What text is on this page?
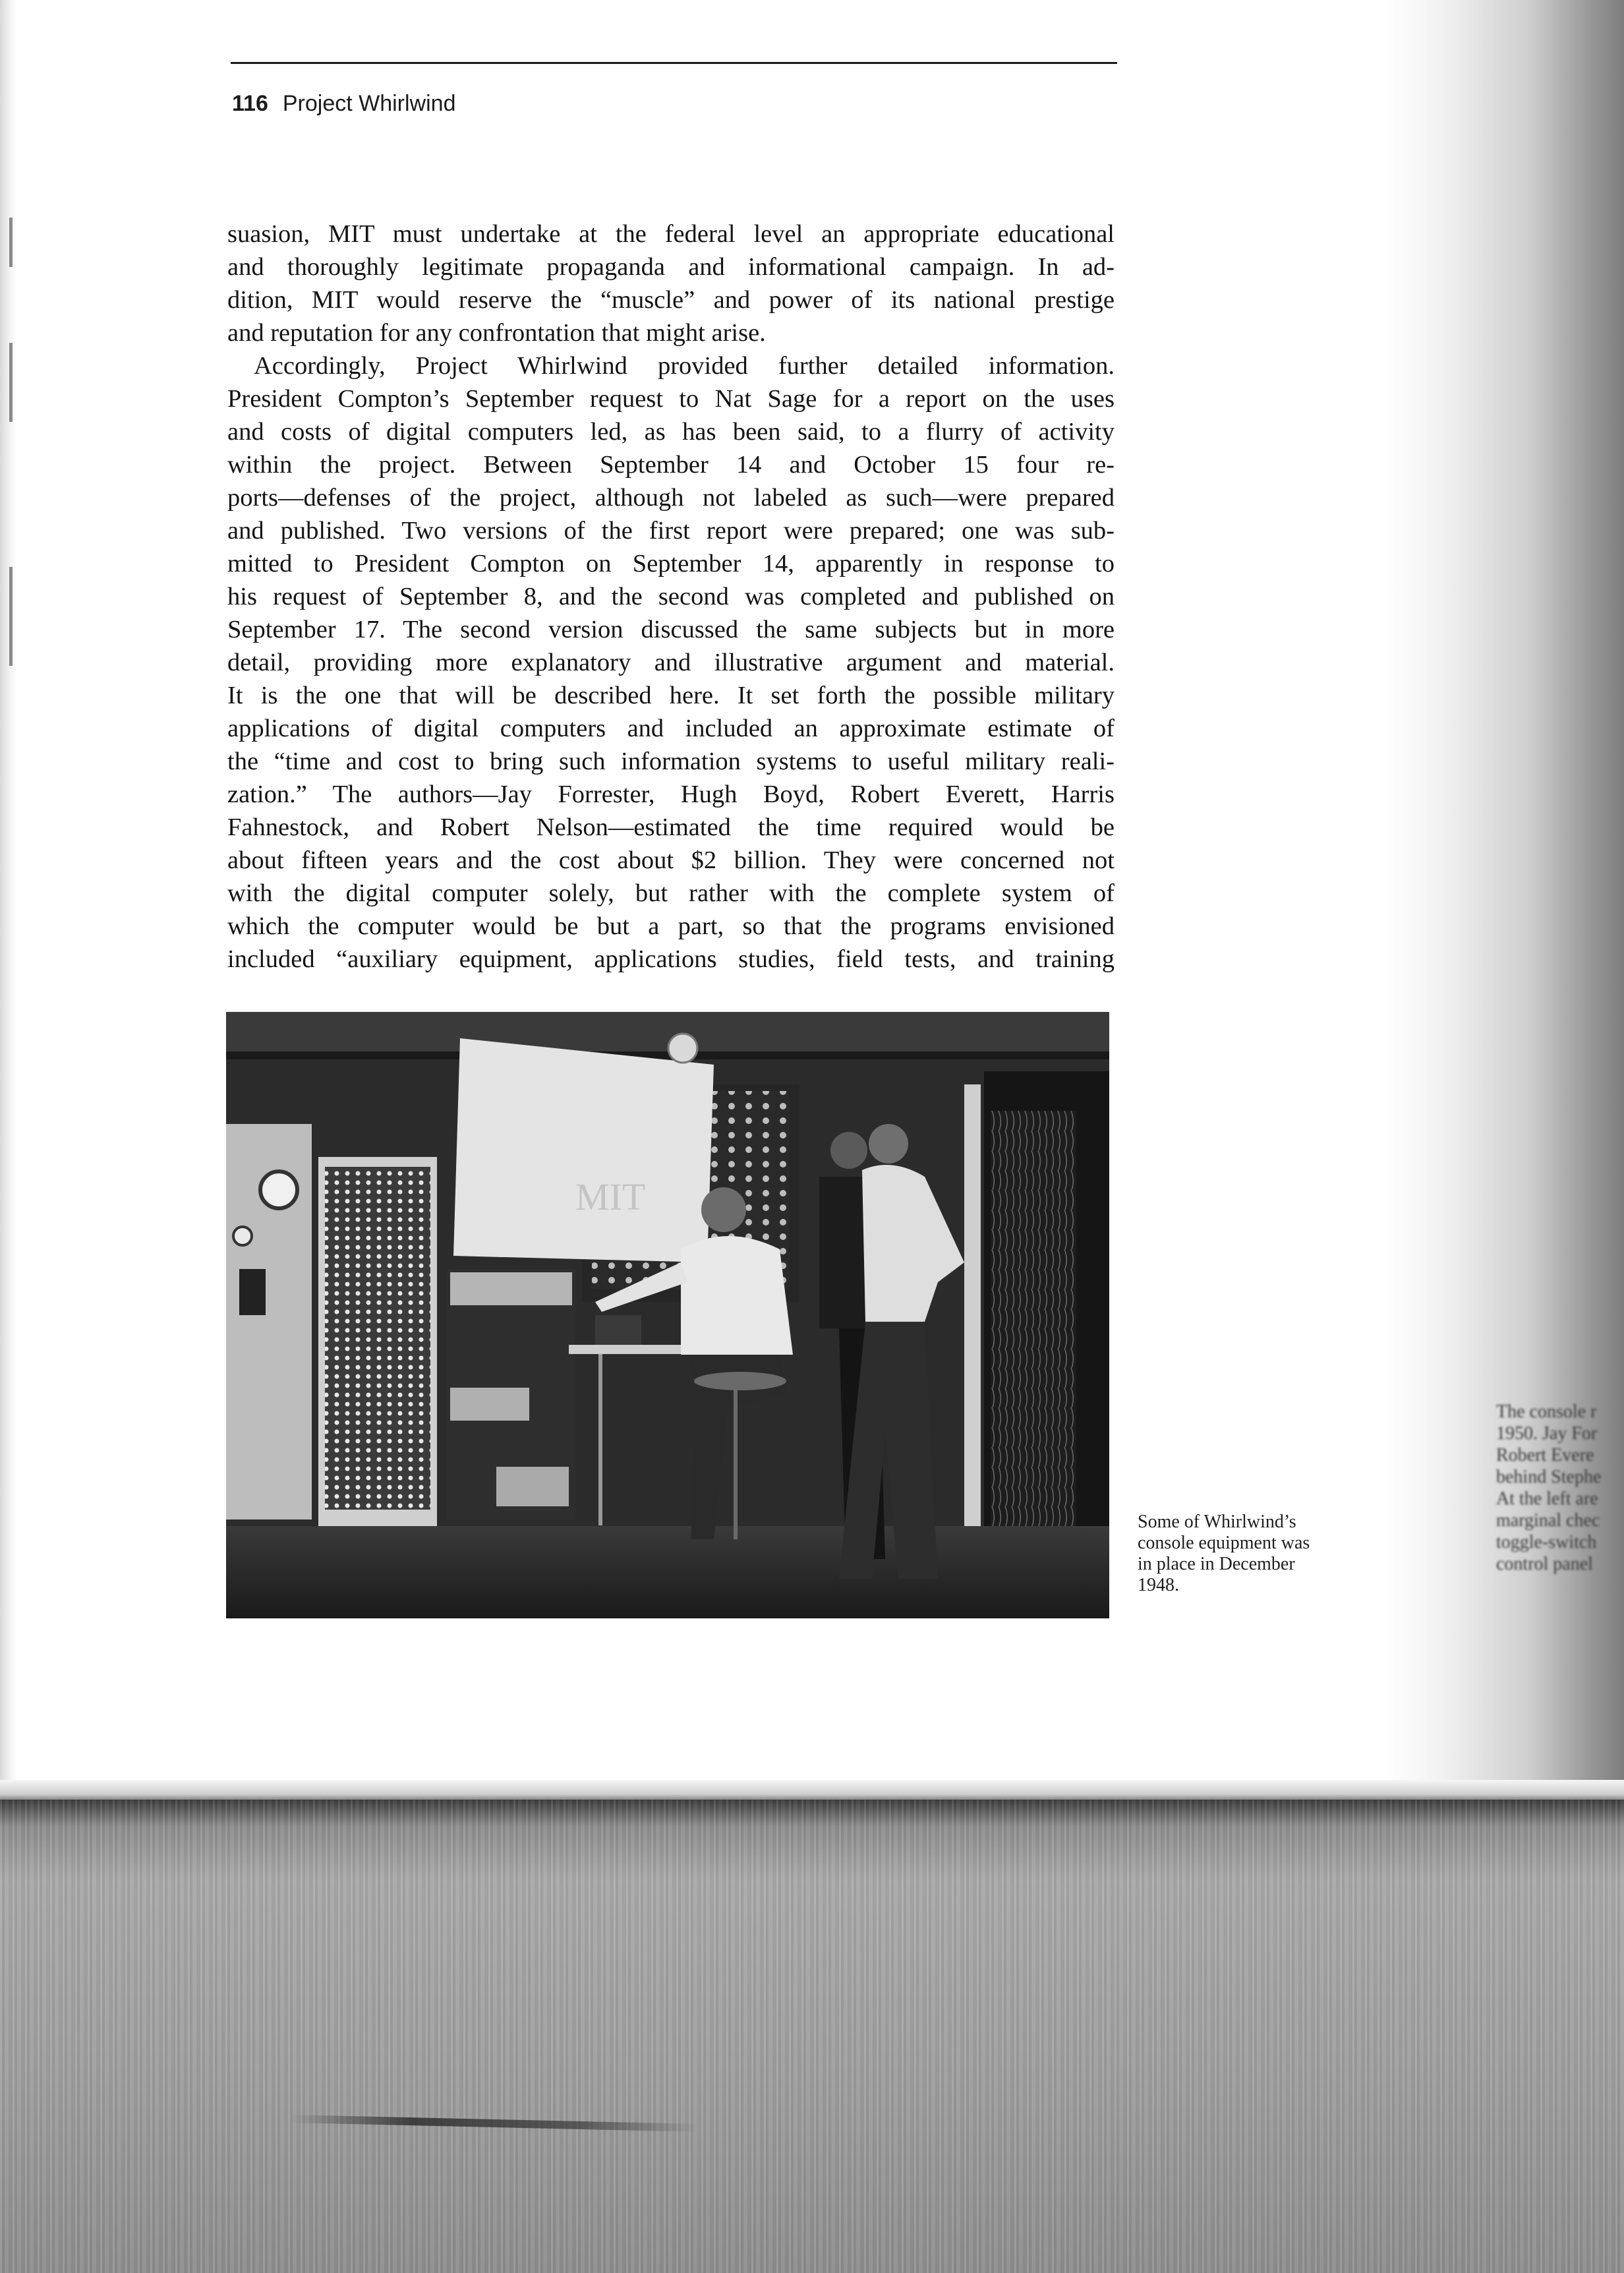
The console r
1950. Jay For
Robert Evere
behind Stephe
At the left are
marginal chec
toggle-switch
control panel
116 Project Whirlwind
suasion, MIT must undertake at the federal level an appropriate educational
and thoroughly legitimate propaganda and informational campaign. In ad-
dition, MIT would reserve the “muscle” and power of its national prestige
and reputation for any confrontation that might arise.
Accordingly, Project Whirlwind provided further detailed information.
President Compton’s September request to Nat Sage for a report on the uses
and costs of digital computers led, as has been said, to a flurry of activity
within the project. Between September 14 and October 15 four re-
ports—defenses of the project, although not labeled as such—were prepared
and published. Two versions of the first report were prepared; one was sub-
mitted to President Compton on September 14, apparently in response to
his request of September 8, and the second was completed and published on
September 17. The second version discussed the same subjects but in more
detail, providing more explanatory and illustrative argument and material.
It is the one that will be described here. It set forth the possible military
applications of digital computers and included an approximate estimate of
the “time and cost to bring such information systems to useful military reali-
zation.” The authors—Jay Forrester, Hugh Boyd, Robert Everett, Harris
Fahnestock, and Robert Nelson—estimated the time required would be
about fifteen years and the cost about $2 billion. They were concerned not
with the digital computer solely, but rather with the complete system of
which the computer would be but a part, so that the programs envisioned
included “auxiliary equipment, applications studies, field tests, and training
MIT
Some of Whirlwind’s
console equipment was
in place in December
1948.
